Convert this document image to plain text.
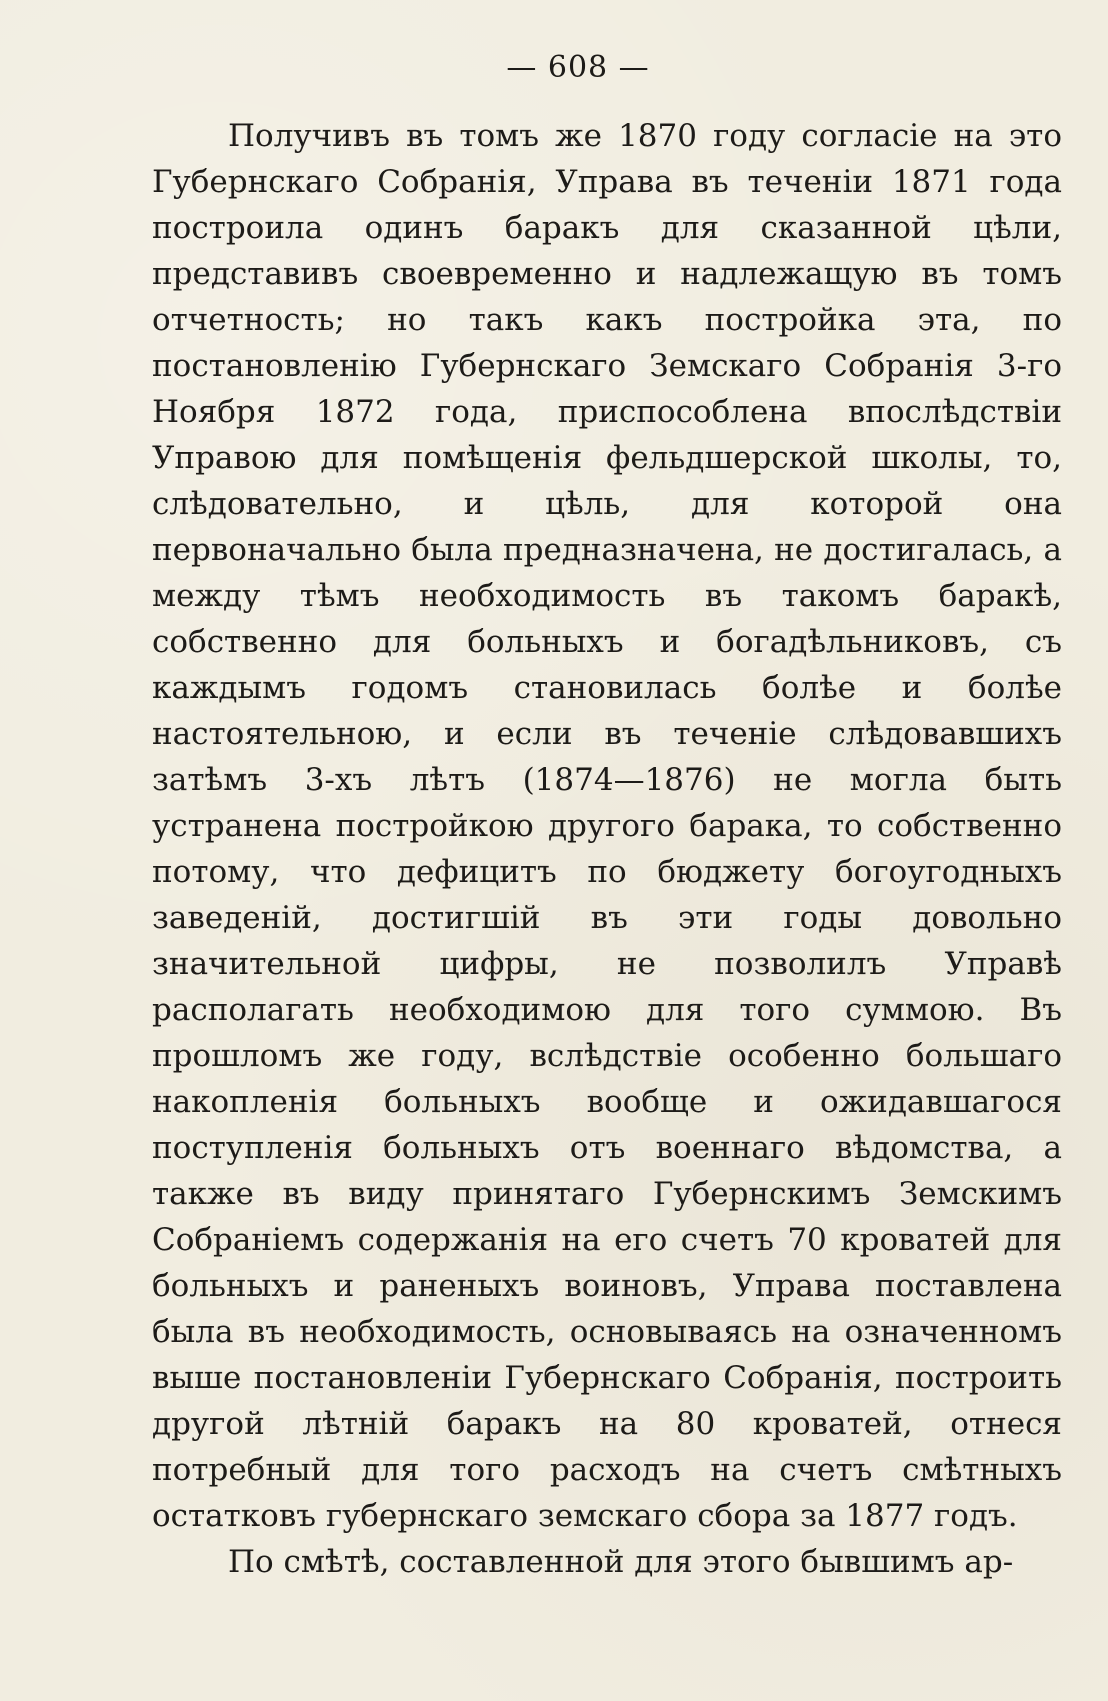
— 608 —

Получивъ въ томъ же 1870 году согласіе на это Губернскаго Собранія, Управа въ теченіи 1871 года построила одинъ баракъ для сказанной цѣли, представивъ своевременно и надлежащую въ томъ отчетность; но такъ какъ постройка эта, по постановленію Губернскаго Земскаго Собранія 3-го Ноября 1872 года, приспособлена впослѣдствіи Управою для помѣщенія фельдшерской школы, то, слѣдовательно, и цѣль, для которой она первоначально была предназначена, не достигалась, а между тѣмъ необходимость въ такомъ баракѣ, собственно для больныхъ и богадѣльниковъ, съ каждымъ годомъ становилась болѣе и болѣе настоятельною, и если въ теченіе слѣдовавшихъ затѣмъ 3-хъ лѣтъ (1874—1876) не могла быть устранена постройкою другого барака, то собственно потому, что дефицитъ по бюджету богоугодныхъ заведеній, достигшій въ эти годы довольно значительной цифры, не позволилъ Управѣ располагать необходимою для того суммою. Въ прошломъ же году, вслѣдствіе особенно большаго накопленія больныхъ вообще и ожидавшагося поступленія больныхъ отъ военнаго вѣдомства, а также въ виду принятаго Губернскимъ Земскимъ Собраніемъ содержанія на его счетъ 70 кроватей для больныхъ и раненыхъ воиновъ, Управа поставлена была въ необходимость, основываясь на означенномъ выше постановленіи Губернскаго Собранія, построить другой лѣтній баракъ на 80 кроватей, отнеся потребный для того расходъ на счетъ смѣтныхъ остатковъ губернскаго земскаго сбора за 1877 годъ.

По смѣтѣ, составленной для этого бывшимъ ар-
